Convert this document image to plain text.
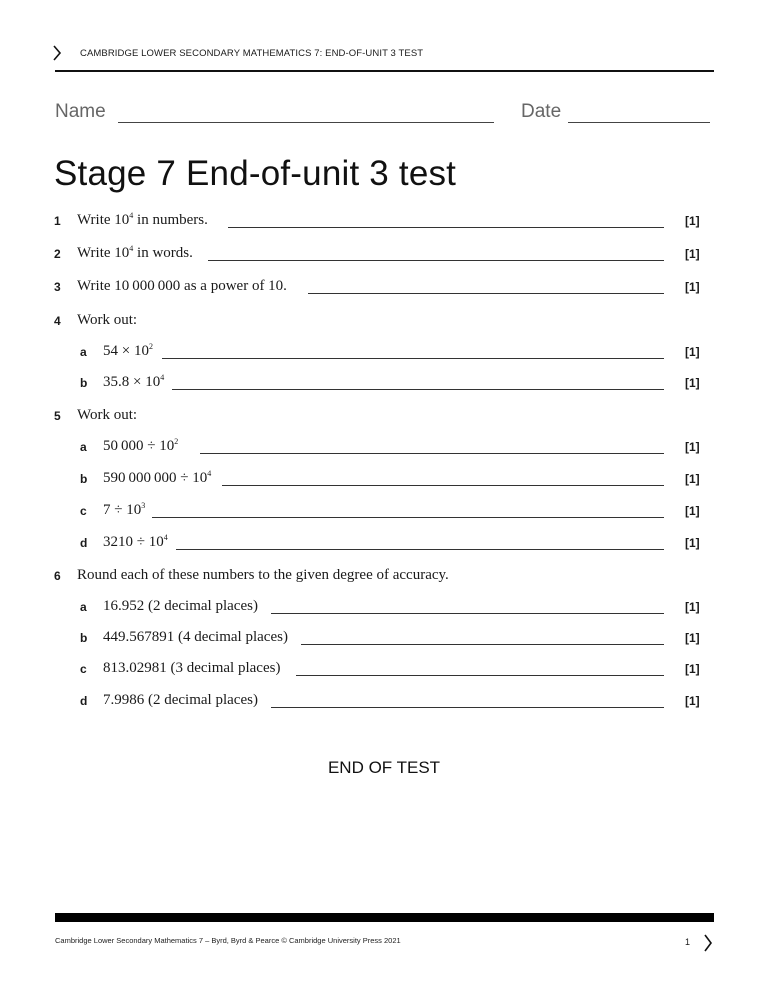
CAMBRIDGE LOWER SECONDARY MATHEMATICS 7: END-OF-UNIT 3 TEST
Name	Date
Stage 7 End-of-unit 3 test
1 Write $10^4$ in numbers.	[1]
2 Write $10^4$ in words.	[1]
3 Write 10 000 000 as a power of 10.	[1]
4 Work out:
a $54 \times 10^2$	[1]
b $35.8 \times 10^4$	[1]
5 Work out:
a 50 $000 \div 10^2$	[1]
b 590 000 $000 \div 10^4$	[1]
c $7 \div 10^3$	[1]
d $3210 \div 10^4$	[1]
6 Round each of these numbers to the given degree of accuracy.
a 16.952 (2 decimal places)	[1]
b 449.567891 (4 decimal places)	[1]
c 813.02981 (3 decimal places)	[1]
d 7.9986 (2 decimal places)	[1]
END OF TEST
Cambridge Lower Secondary Mathematics 7 – Byrd, Byrd & Pearce © Cambridge University Press 2021	1
